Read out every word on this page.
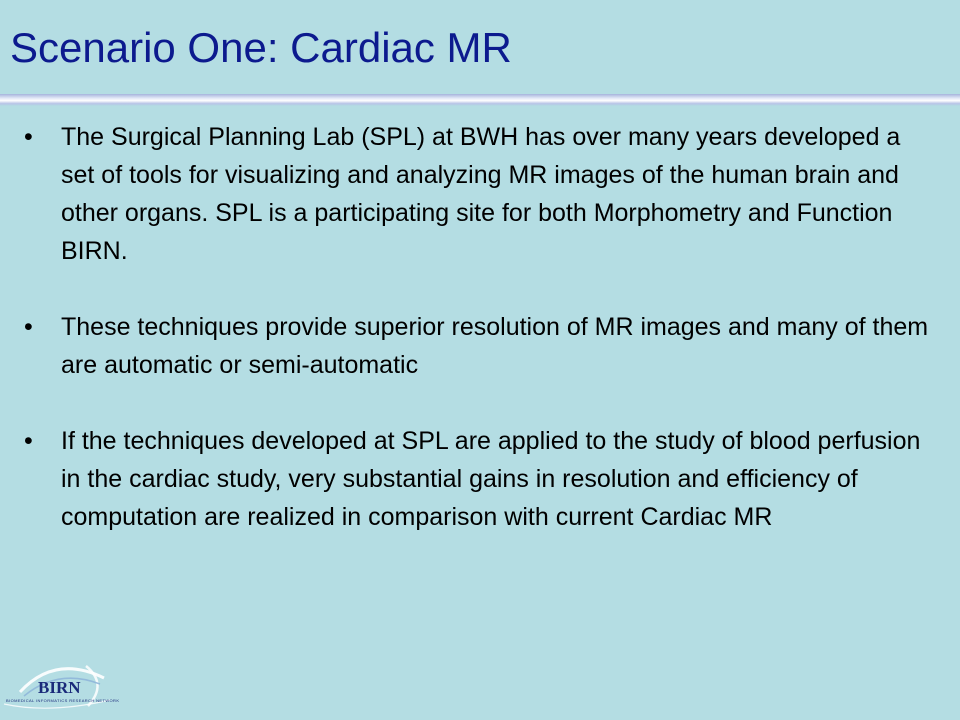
Scenario One: Cardiac MR
• The Surgical Planning Lab (SPL) at BWH has over many years developed a set of tools for visualizing and analyzing MR images of the human brain and other organs. SPL is a participating site for both Morphometry and Function BIRN.
• These techniques provide superior resolution of MR images and many of them are automatic or semi-automatic
• If the techniques developed at SPL are applied to the study of blood perfusion in the cardiac study, very substantial gains in resolution and efficiency of computation are realized in comparison with current Cardiac MR
BIRN
BIOMEDICAL INFORMATICS RESEARCH NETWORK
